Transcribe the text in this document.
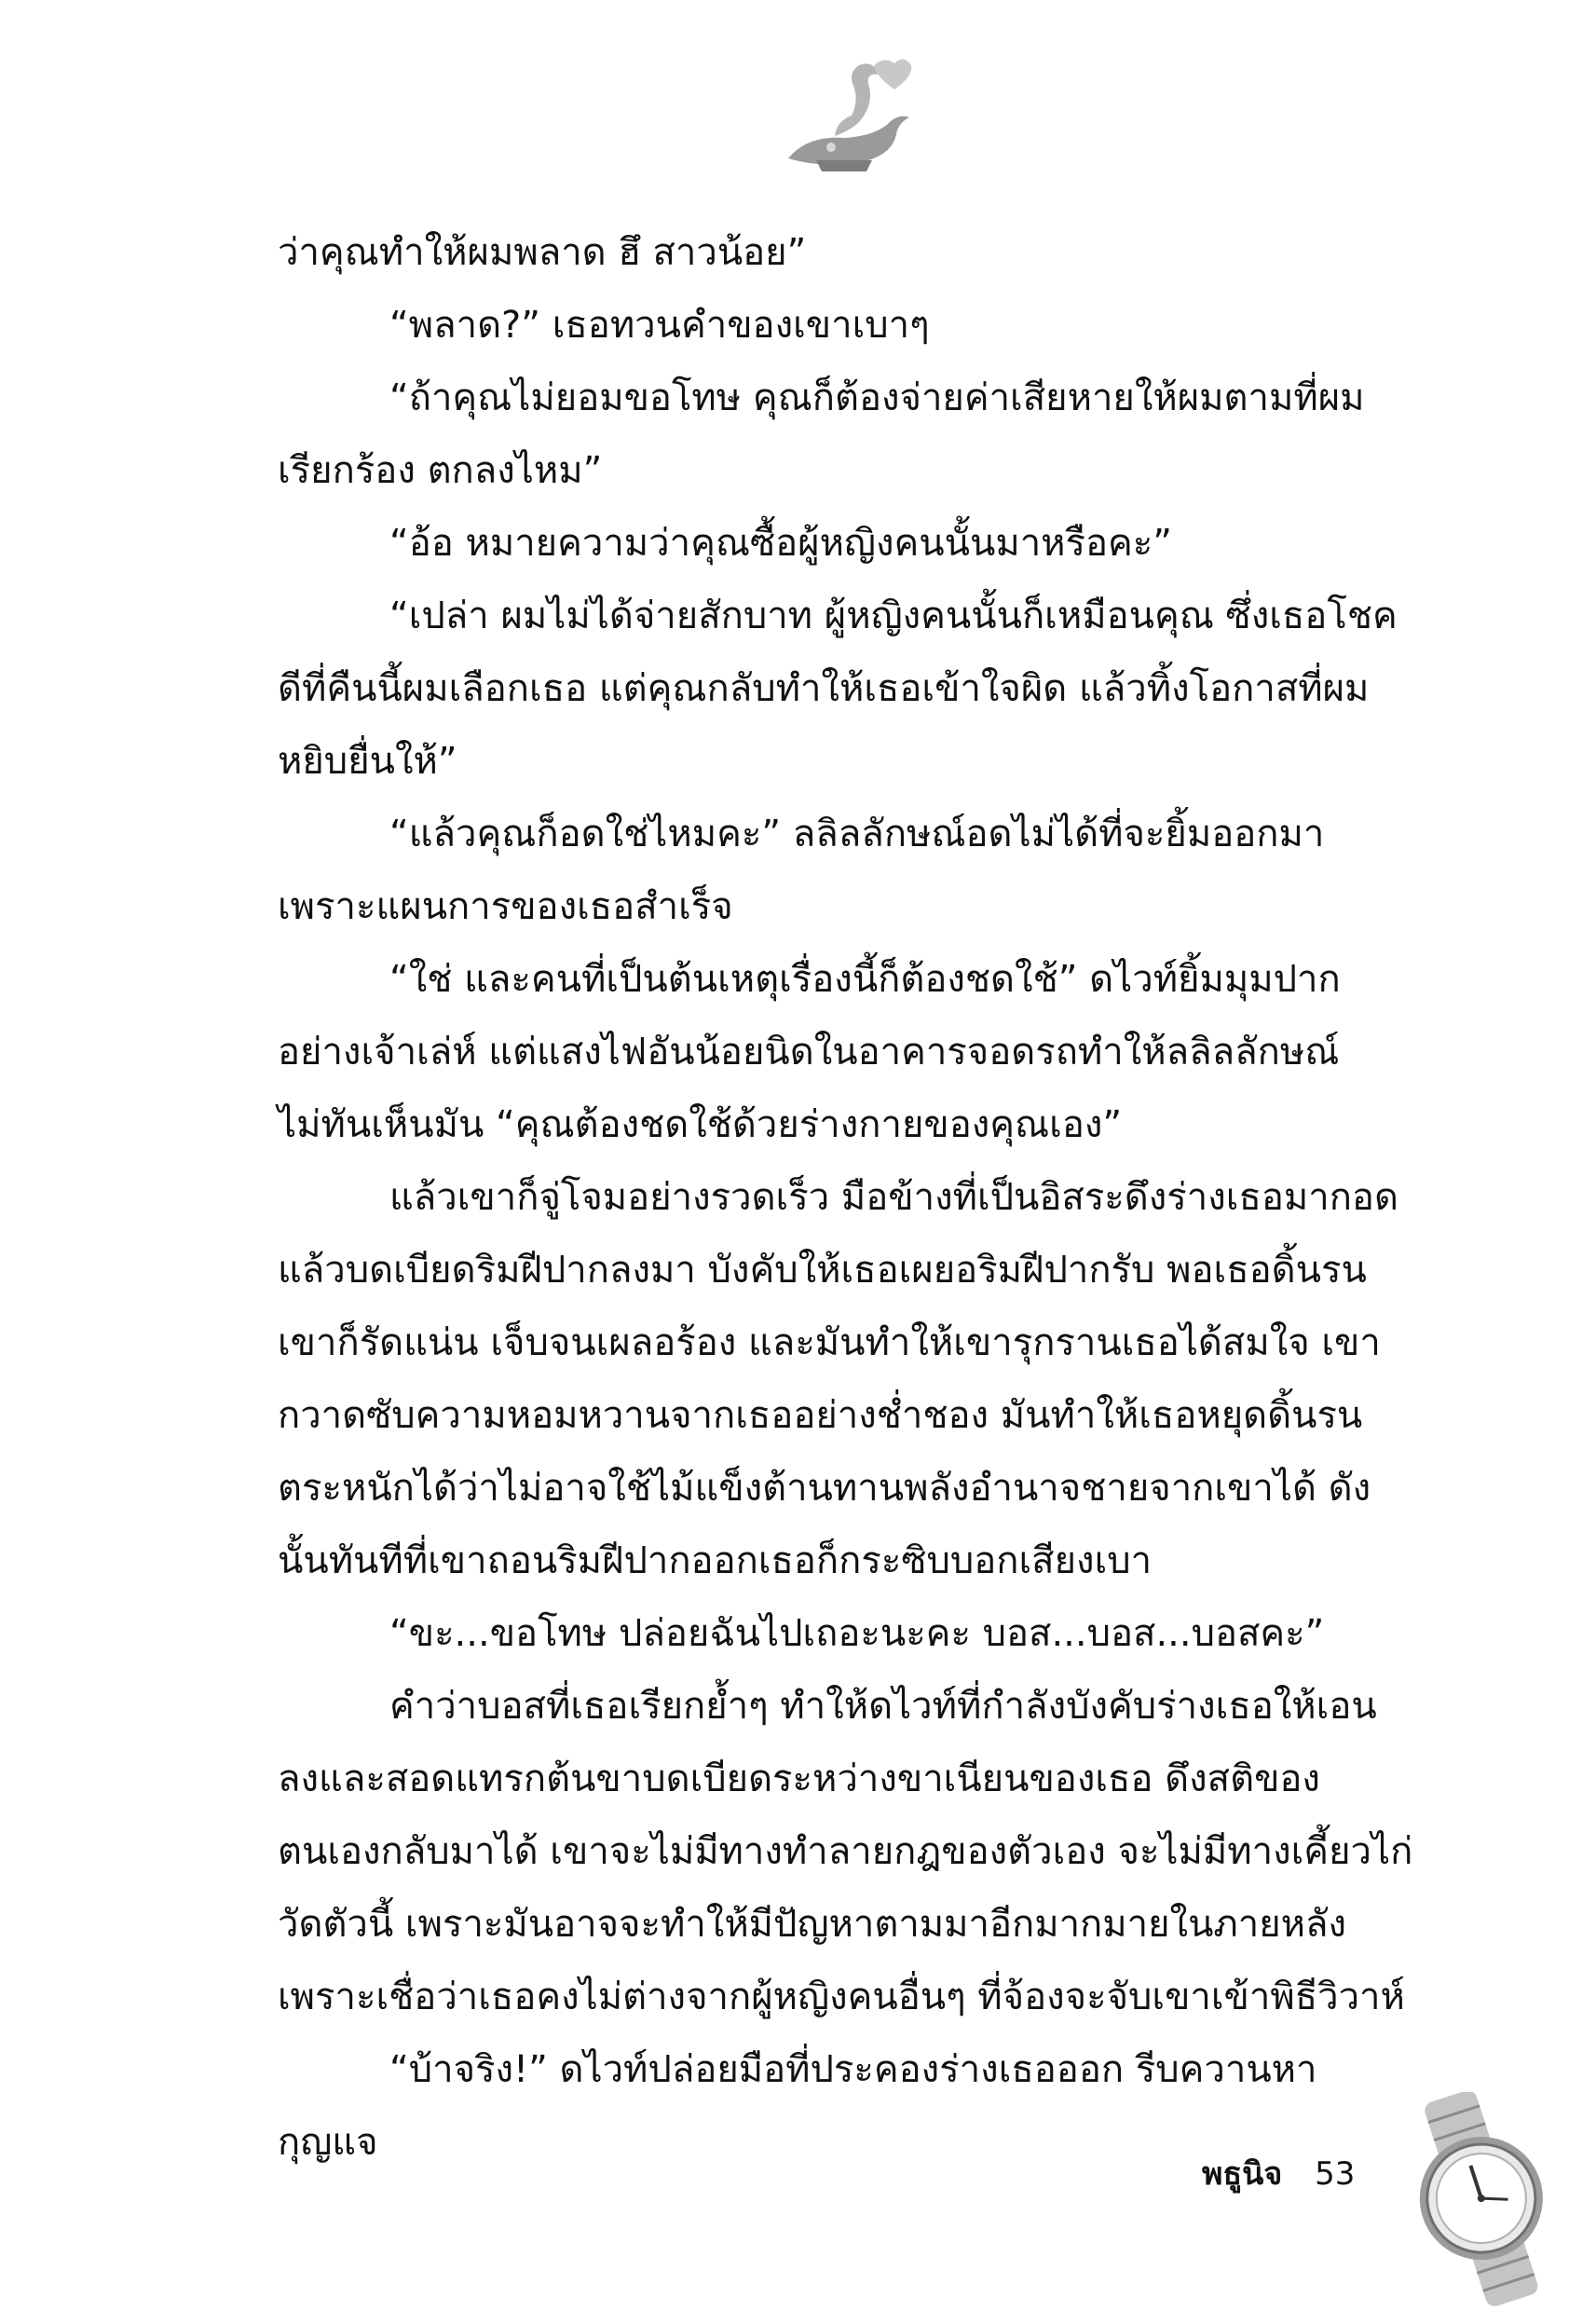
ว่าคุณทำให้ผมพลาด ฮึ สาวน้อย”

“พลาด?” เธอทวนคำของเขาเบาๆ

“ถ้าคุณไม่ยอมขอโทษ คุณก็ต้องจ่ายค่าเสียหายให้ผมตามที่ผมเรียกร้อง ตกลงไหม”

“อ้อ หมายความว่าคุณซื้อผู้หญิงคนนั้นมาหรือคะ”

“เปล่า ผมไม่ได้จ่ายสักบาท ผู้หญิงคนนั้นก็เหมือนคุณ ซึ่งเธอโชคดีที่คืนนี้ผมเลือกเธอ แต่คุณกลับทำให้เธอเข้าใจผิด แล้วทิ้งโอกาสที่ผมหยิบยื่นให้”

“แล้วคุณก็อดใช่ไหมคะ” ลลิลลักษณ์อดไม่ได้ที่จะยิ้มออกมาเพราะแผนการของเธอสำเร็จ

“ใช่ และคนที่เป็นต้นเหตุเรื่องนี้ก็ต้องชดใช้” ดไวท์ยิ้มมุมปากอย่างเจ้าเล่ห์ แต่แสงไฟอันน้อยนิดในอาคารจอดรถทำให้ลลิลลักษณ์ไม่ทันเห็นมัน “คุณต้องชดใช้ด้วยร่างกายของคุณเอง”

แล้วเขาก็จู่โจมอย่างรวดเร็ว มือข้างที่เป็นอิสระดึงร่างเธอมากอดแล้วบดเบียดริมฝีปากลงมา บังคับให้เธอเผยอริมฝีปากรับ พอเธอดิ้นรนเขาก็รัดแน่น เจ็บจนเผลอร้อง และมันทำให้เขารุกรานเธอได้สมใจ เขากวาดซับความหอมหวานจากเธออย่างช่ำชอง มันทำให้เธอหยุดดิ้นรนตระหนักได้ว่าไม่อาจใช้ไม้แข็งต้านทานพลังอำนาจชายจากเขาได้ ดังนั้นทันทีที่เขาถอนริมฝีปากออกเธอก็กระซิบบอกเสียงเบา

“ขะ...ขอโทษ ปล่อยฉันไปเถอะนะคะ บอส...บอส...บอสคะ”

คำว่าบอสที่เธอเรียกย้ำๆ ทำให้ดไวท์ที่กำลังบังคับร่างเธอให้เอนลงและสอดแทรกต้นขาบดเบียดระหว่างขาเนียนของเธอ ดึงสติของตนเองกลับมาได้ เขาจะไม่มีทางทำลายกฎของตัวเอง จะไม่มีทางเคี้ยวไก่วัดตัวนี้ เพราะมันอาจจะทำให้มีปัญหาตามมาอีกมากมายในภายหลัง เพราะเชื่อว่าเธอคงไม่ต่างจากผู้หญิงคนอื่นๆ ที่จ้องจะจับเขาเข้าพิธีวิวาห์

“บ้าจริง!” ดไวท์ปล่อยมือที่ประคองร่างเธอออก รีบควานหากุญแจ

พธูนิจ 53
